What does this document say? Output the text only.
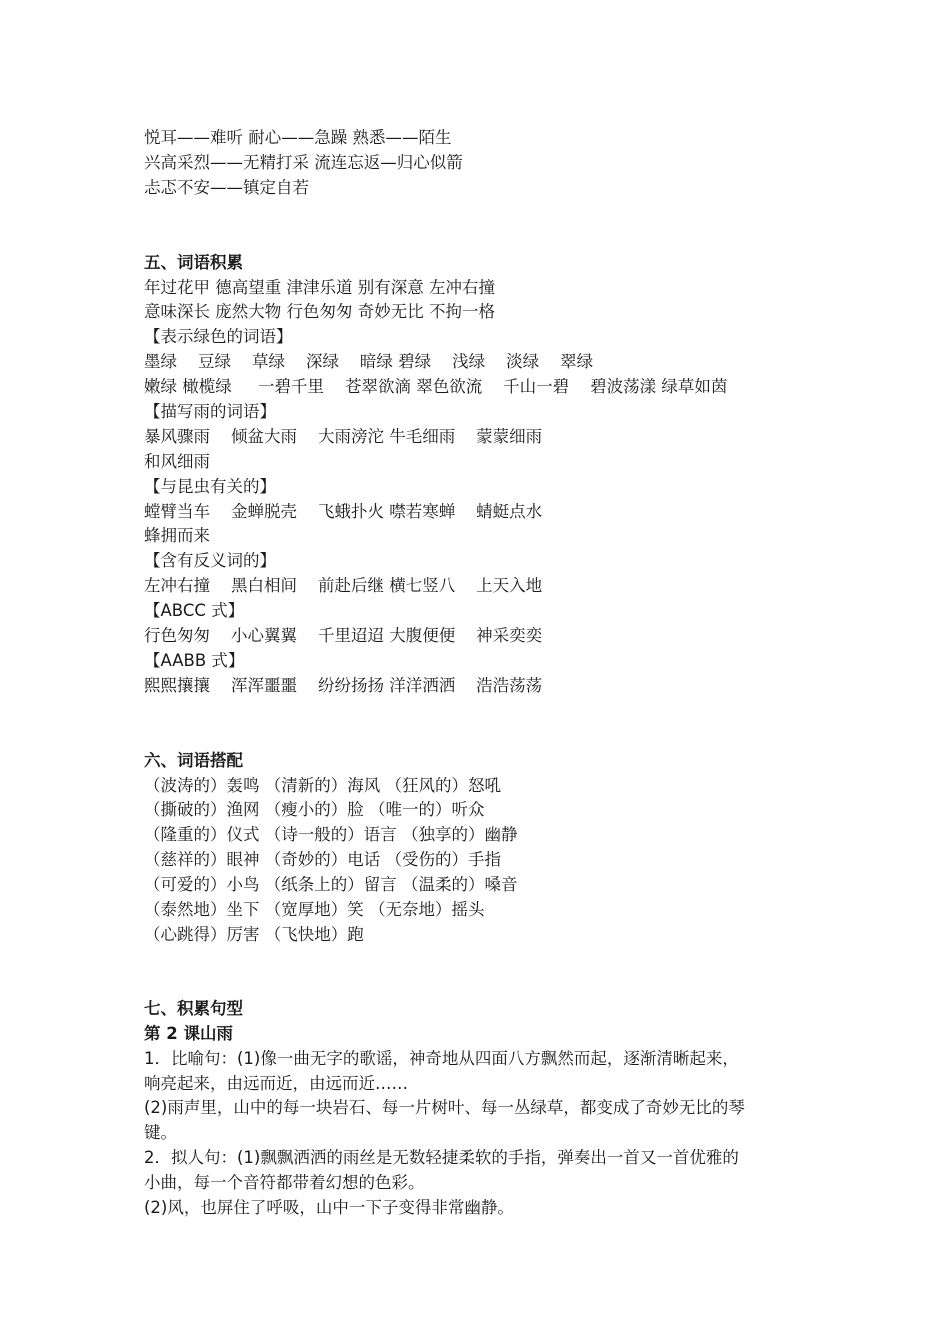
悦耳——难听 耐心——急躁 熟悉——陌生
兴高采烈——无精打采 流连忘返—归心似箭
忐忑不安——镇定自若
五、词语积累
年过花甲 德高望重 津津乐道 别有深意 左冲右撞
意味深长 庞然大物 行色匆匆 奇妙无比 不拘一格
【表示绿色的词语】
墨绿    豆绿    草绿    深绿    暗绿 碧绿    浅绿    淡绿    翠绿
嫩绿 橄榄绿     一碧千里    苍翠欲滴 翠色欲流    千山一碧    碧波荡漾 绿草如茵
【描写雨的词语】
暴风骤雨    倾盆大雨    大雨滂沱 牛毛细雨    蒙蒙细雨
和风细雨
【与昆虫有关的】
螳臂当车    金蝉脱壳    飞蛾扑火 噤若寒蝉    蜻蜓点水
蜂拥而来
【含有反义词的】
左冲右撞    黑白相间    前赴后继 横七竖八    上天入地
【ABCC 式】
行色匆匆    小心翼翼    千里迢迢 大腹便便    神采奕奕
【AABB 式】
熙熙攘攘    浑浑噩噩    纷纷扬扬 洋洋洒洒    浩浩荡荡
六、词语搭配
（波涛的）轰鸣 （清新的）海风 （狂风的）怒吼
（撕破的）渔网 （瘦小的）脸 （唯一的）听众
（隆重的）仪式 （诗一般的）语言 （独享的）幽静
（慈祥的）眼神 （奇妙的）电话 （受伤的）手指
（可爱的）小鸟 （纸条上的）留言 （温柔的）嗓音
（泰然地）坐下 （宽厚地）笑 （无奈地）摇头
（心跳得）厉害 （飞快地）跑
七、积累句型
第 2 课山雨
1．比喻句：(1)像一曲无字的歌谣，神奇地从四面八方飘然而起，逐渐清晰起来，
响亮起来，由远而近，由远而近……
(2)雨声里，山中的每一块岩石、每一片树叶、每一丛绿草，都变成了奇妙无比的琴
键。
2．拟人句：(1)飘飘洒洒的雨丝是无数轻捷柔软的手指，弹奏出一首又一首优雅的
小曲，每一个音符都带着幻想的色彩。
(2)风，也屏住了呼吸，山中一下子变得非常幽静。
